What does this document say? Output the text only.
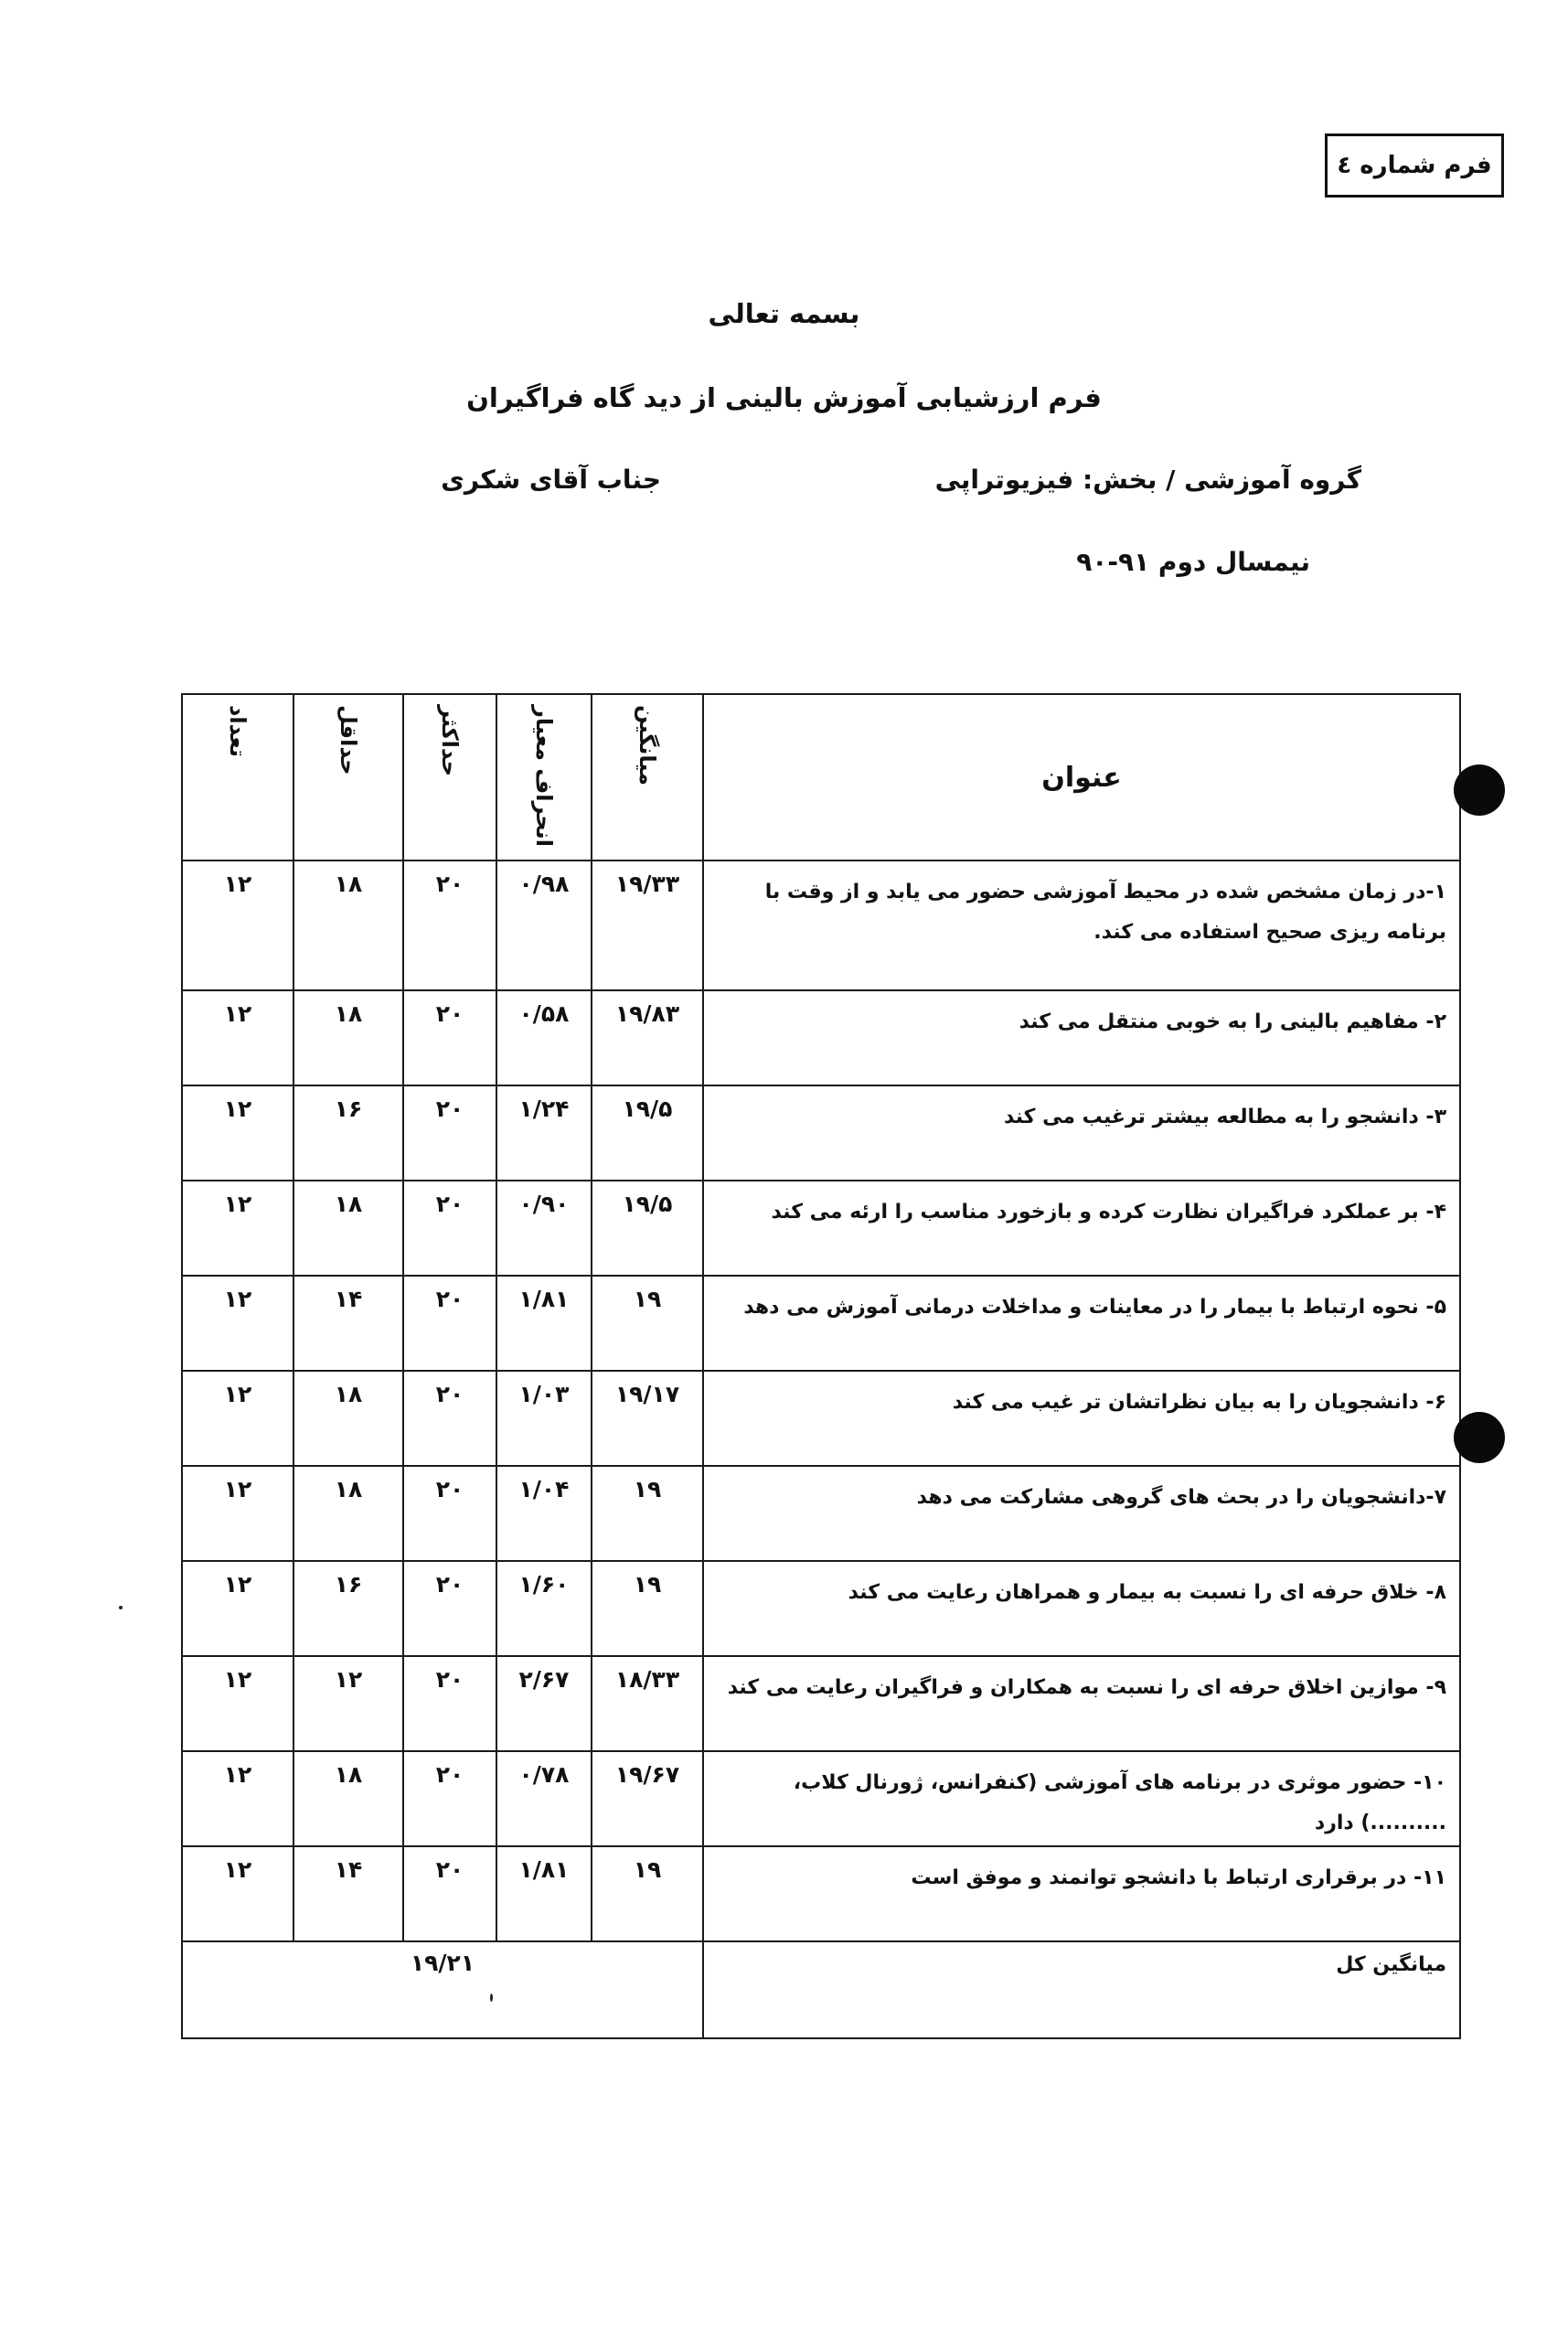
فرم شماره ٤
بسمه تعالی
فرم ارزشیابی آموزش بالینی از دید گاه فراگیران
گروه آموزشی / بخش: فیزیوتراپی
جناب آقای شکری
نیمسال دوم ۹۱-۹۰
عنوان	میانگین	انحراف معیار	حداکثر	حداقل	تعداد

۱-در زمان مشخص شده در محیط آموزشی حضور می یابد و از وقت با برنامه ریزی صحیح استفاده می کند.	۱۹/۳۳	۰/۹۸	۲۰	۱۸	۱۲
۲- مفاهیم بالینی را به خوبی منتقل می کند	۱۹/۸۳	۰/۵۸	۲۰	۱۸	۱۲
۳- دانشجو را به مطالعه بیشتر ترغیب می کند	۱۹/۵	۱/۲۴	۲۰	۱۶	۱۲
۴- بر عملکرد فراگیران نظارت کرده و بازخورد مناسب را ارئه می کند	۱۹/۵	۰/۹۰	۲۰	۱۸	۱۲
۵- نحوه ارتباط با بیمار را در معاینات و مداخلات درمانی آموزش می دهد	۱۹	۱/۸۱	۲۰	۱۴	۱۲
۶- دانشجویان را به بیان نظراتشان تر غیب می کند	۱۹/۱۷	۱/۰۳	۲۰	۱۸	۱۲
۷-دانشجویان را در بحث های گروهی مشارکت می دهد	۱۹	۱/۰۴	۲۰	۱۸	۱۲
۸- خلاق حرفه ای را نسبت به بیمار و همراهان رعایت می کند	۱۹	۱/۶۰	۲۰	۱۶	۱۲
۹- موازین اخلاق حرفه ای را نسبت به همکاران و فراگیران رعایت می کند	۱۸/۳۳	۲/۶۷	۲۰	۱۲	۱۲
۱۰- حضور موثری در برنامه های آموزشی (کنفرانس، ژورنال کلاب، ..........) دارد	۱۹/۶۷	۰/۷۸	۲۰	۱۸	۱۲
۱۱- در برقراری ارتباط با دانشجو توانمند و موفق است	۱۹	۱/۸۱	۲۰	۱۴	۱۲
میانگین کل	۱۹/۲۱				
